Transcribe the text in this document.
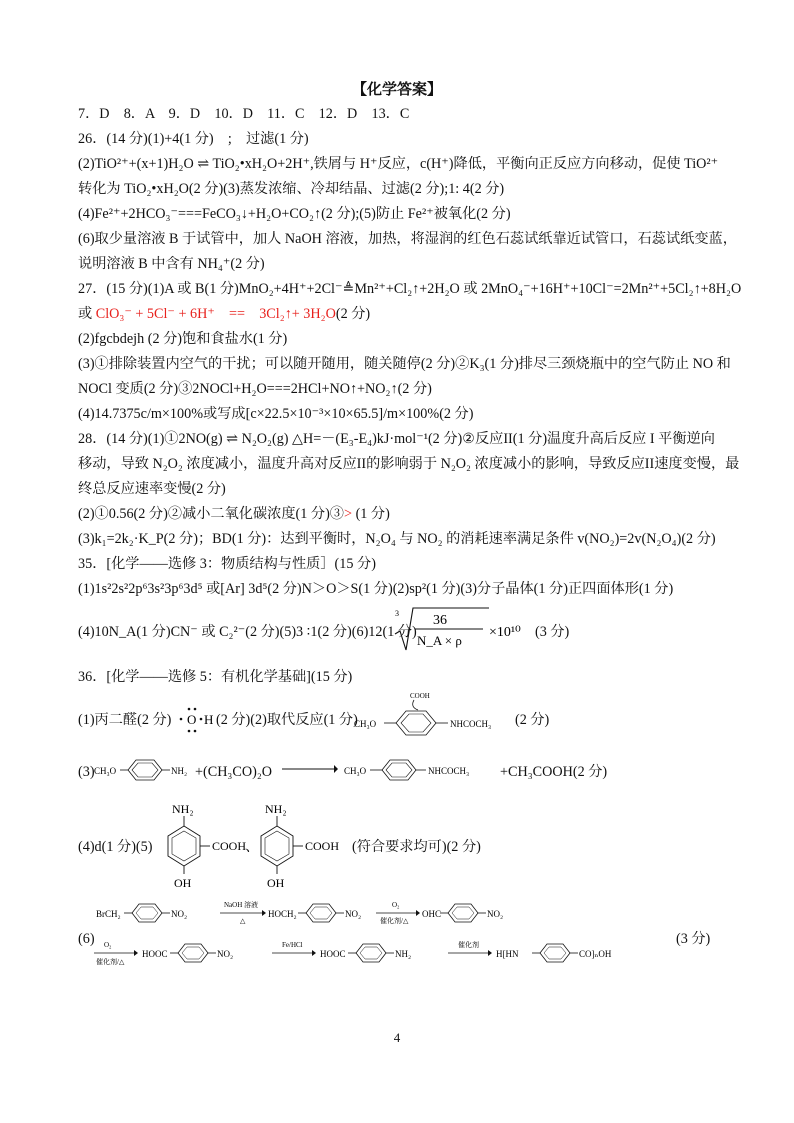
【化学答案】
7．D　8．A　9．D　10．D　11．C　12．D　13．C
26．(14 分)(1)+4(1 分)　;　过滤(1 分)
(2)TiO²⁺+(x+1)H₂O ⇌ TiO₂•xH₂O+2H⁺,铁屑与 H⁺反应，c(H⁺)降低，平衡向正反应方向移动，促使 TiO²⁺
转化为 TiO₂•xH₂O(2 分)(3)蒸发浓缩、冷却结晶、过滤(2 分);1: 4(2 分)
(4)Fe²⁺+2HCO₃⁻===FeCO₃↓+H₂O+CO₂↑(2 分);(5)防止 Fe²⁺被氧化(2 分)
(6)取少量溶液 B 于试管中，加人 NaOH 溶液，加热，将湿润的红色石蕊试纸靠近试管口，石蕊试纸变蓝，
说明溶液 B 中含有 NH₄⁺(2 分)
27．(15 分)(1)A 或 B(1 分)MnO₂+4H⁺+2Cl⁻≜Mn²⁺+Cl₂↑+2H₂O 或 2MnO₄⁻+16H⁺+10Cl⁻=2Mn²⁺+5Cl₂↑+8H₂O
或 ClO₃⁻ + 5Cl⁻ + 6H⁺　==　3Cl₂↑+ 3H₂O(2 分)
(2)fgcbdejh (2 分)饱和食盐水(1 分)
(3)①排除装置内空气的干扰；可以随开随用，随关随停(2 分)②K₃(1 分)排尽三颈烧瓶中的空气防止 NO 和
NOCl 变质(2 分)③2NOCl+H₂O===2HCl+NO↑+NO₂↑(2 分)
(4)14.7375c/m×100%或写成[c×22.5×10⁻³×10×65.5]/m×100%(2 分)
28．(14 分)(1)①2NO(g) ⇌ N₂O₂(g) △H=－(E₃-E₄)kJ·mol⁻¹(2 分)②反应II(1 分)温度升高后反应 I 平衡逆向
移动，导致 N₂O₂ 浓度减小，温度升高对反应II的影响弱于 N₂O₂ 浓度减小的影响，导致反应II速度变慢，最
终总反应速率变慢(2 分)
(2)①0.56(2 分)②减小二氧化碳浓度(1 分)③> (1 分)
(3)k₁=2k₂·K_P(2 分)；BD(1 分)：达到平衡时，N₂O₄ 与 NO₂ 的消耗速率满足条件 v(NO₂)=2v(N₂O₄)(2 分)
35．[化学——选修 3：物质结构与性质］(15 分)
(1)1s²2s²2p⁶3s²3p⁶3d⁵ 或[Ar] 3d⁵(2 分)N＞O＞S(1 分)(2)sp²(1 分)(3)分子晶体(1 分)正四面体形(1 分)
(4)10N_A(1 分)CN⁻ 或 C₂²⁻(2 分)(5)3 ∶1(2 分)(6)12(1 分)
3 36
N_A × ρ
×10¹⁰ (3 分)
36．[化学——选修 5：有机化学基础](15 分)
(1)丙二醛(2 分) O H (2 分)(2)取代反应(1 分)
COOH
CH₃O	NHCOCH₃ (2 分)
(3) CH₃O	NH₂ +(CH₃CO)₂O → CH₃O	NHCOCH₃ +CH₃COOH(2 分)
(4)d(1 分)(5)
NH₂
COOH
OH
、
NH₂
COOH
OH
(符合要求均可)(2 分)
(6)
BrCH₂	NO₂
NaOH 溶液
△
HOCH₂	NO₂
O₂
催化剂/△
OHC	NO₂
O₂
催化剂/△
HOOC	NO₂
Fe/HCl
HOOC	NH₂
催化剂
H[HN	CO]ₙOH
(3 分)
4
